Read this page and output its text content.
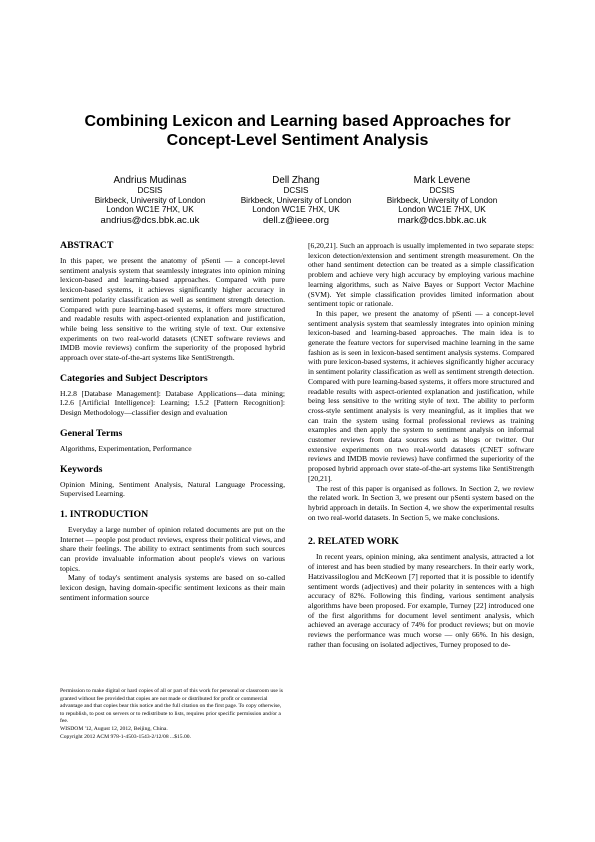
Combining Lexicon and Learning based Approaches for
Concept-Level Sentiment Analysis
Andrius Mudinas
DCSIS
Birkbeck, University of London
London WC1E 7HX, UK
andrius@dcs.bbk.ac.uk
Dell Zhang
DCSIS
Birkbeck, University of London
London WC1E 7HX, UK
dell.z@ieee.org
Mark Levene
DCSIS
Birkbeck, University of London
London WC1E 7HX, UK
mark@dcs.bbk.ac.uk
ABSTRACT

In this paper, we present the anatomy of pSenti — a concept-level sentiment analysis system that seamlessly integrates into opinion mining lexicon-based and learning-based approaches. Compared with pure lexicon-based systems, it achieves significantly higher accuracy in sentiment polarity classification as well as sentiment strength detection. Compared with pure learning-based systems, it offers more structured and readable results with aspect-oriented explanation and justification, while being less sensitive to the writing style of text. Our extensive experiments on two real-world datasets (CNET software reviews and IMDB movie reviews) confirm the superiority of the proposed hybrid approach over state-of-the-art systems like SentiStrength.

Categories and Subject Descriptors

H.2.8 [Database Management]: Database Applications—data mining; I.2.6 [Artificial Intelligence]: Learning; I.5.2 [Pattern Recognition]: Design Methodology—classifier design and evaluation

General Terms

Algorithms, Experimentation, Performance

Keywords

Opinion Mining, Sentiment Analysis, Natural Language Processing, Supervised Learning.

1. INTRODUCTION

Everyday a large number of opinion related documents are put on the Internet — people post product reviews, express their political views, and share their feelings. The ability to extract sentiments from such sources can provide invaluable information about people's views on various topics.

Many of today's sentiment analysis systems are based on so-called lexicon design, having domain-specific sentiment lexicons as their main sentiment information source

Permission to make digital or hard copies of all or part of this work for personal or classroom use is granted without fee provided that copies are not made or distributed for profit or commercial advantage and that copies bear this notice and the full citation on the first page. To copy otherwise, to republish, to post on servers or to redistribute to lists, requires prior specific permission and/or a fee.

WISDOM '12, August 12, 2012, Beijing, China.

Copyright 2012 ACM 978-1-4503-1543-2/12/08 ...$15.00.

[6,20,21]. Such an approach is usually implemented in two separate steps: lexicon detection/extension and sentiment strength measurement. On the other hand sentiment detection can be treated as a simple classification problem and achieve very high accuracy by employing various machine learning algorithms, such as Naive Bayes or Support Vector Machine (SVM). Yet simple classification provides limited information about sentiment topic or rationale.

In this paper, we present the anatomy of pSenti — a concept-level sentiment analysis system that seamlessly integrates into opinion mining lexicon-based and learning-based approaches. The main idea is to generate the feature vectors for supervised machine learning in the same fashion as is seen in lexicon-based sentiment analysis systems. Compared with pure lexicon-based systems, it achieves significantly higher accuracy in sentiment polarity classification as well as sentiment strength detection. Compared with pure learning-based systems, it offers more structured and readable results with aspect-oriented explanation and justification, while being less sensitive to the writing style of text. The ability to perform cross-style sentiment analysis is very meaningful, as it implies that we can train the system using formal professional reviews as training examples and then apply the system to sentiment analysis on informal customer reviews from data sources such as blogs or twitter. Our extensive experiments on two real-world datasets (CNET software reviews and IMDB movie reviews) have confirmed the superiority of the proposed hybrid approach over state-of-the-art systems like SentiStrength [20,21].

The rest of this paper is organised as follows. In Section 2, we review the related work. In Section 3, we present our pSenti system based on the hybrid approach in details. In Section 4, we show the experimental results on two real-world datasets. In Section 5, we make conclusions.

2. RELATED WORK

In recent years, opinion mining, aka sentiment analysis, attracted a lot of interest and has been studied by many researchers. In their early work, Hatzivassiloglou and McKeown [7] reported that it is possible to identify sentiment words (adjectives) and their polarity in sentences with a high accuracy of 82%. Following this finding, various sentiment analysis algorithms have been proposed. For example, Turney [22] introduced one of the first algorithms for document level sentiment analysis, which achieved an average accuracy of 74% for product reviews; but on movie reviews the performance was much worse — only 66%. In his design, rather than focusing on isolated adjectives, Turney proposed to de-
